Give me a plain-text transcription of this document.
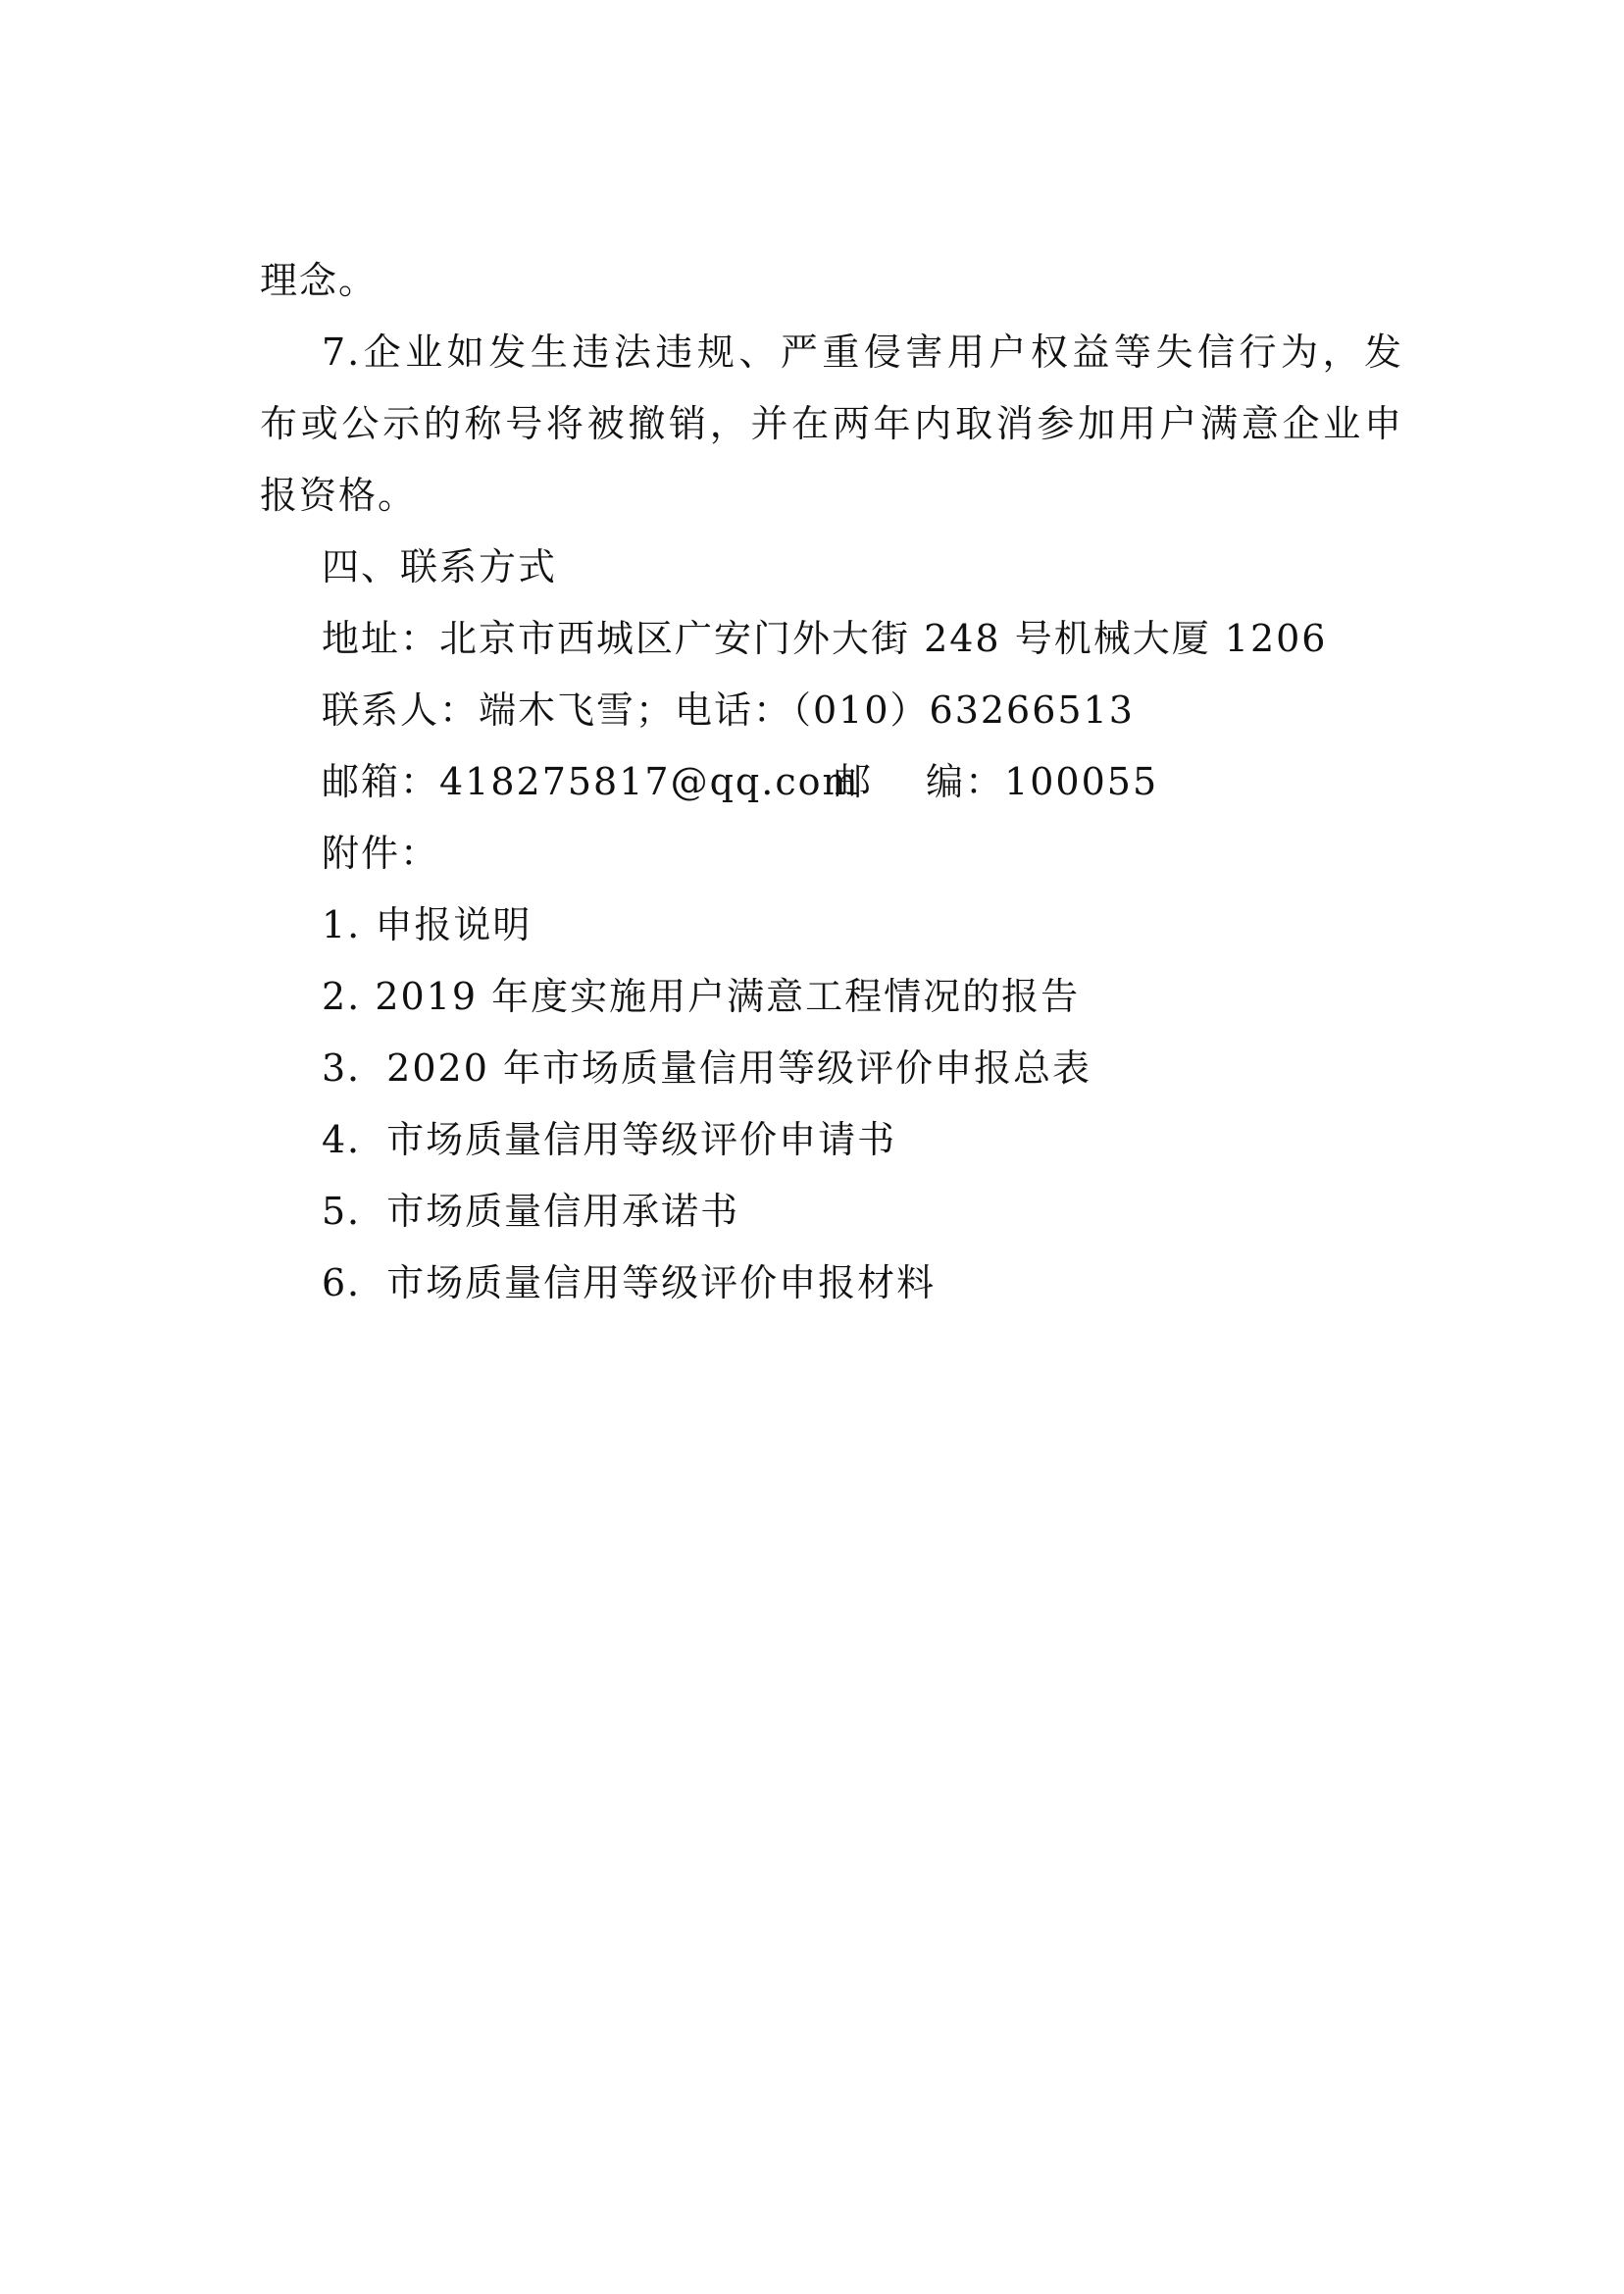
理念。
7.企业如发生违法违规、严重侵害用户权益等失信行为，发
布或公示的称号将被撤销，并在两年内取消参加用户满意企业申
报资格。
四、联系方式
地址：北京市西城区广安门外大街 248 号机械大厦 1206
联系人：端木飞雪；电话：（010）63266513
邮箱：418275817@qq.com
邮　 编：100055
附件：
1. 申报说明
2. 2019 年度实施用户满意工程情况的报告
3．2020 年市场质量信用等级评价申报总表
4．市场质量信用等级评价申请书
5．市场质量信用承诺书
6．市场质量信用等级评价申报材料
